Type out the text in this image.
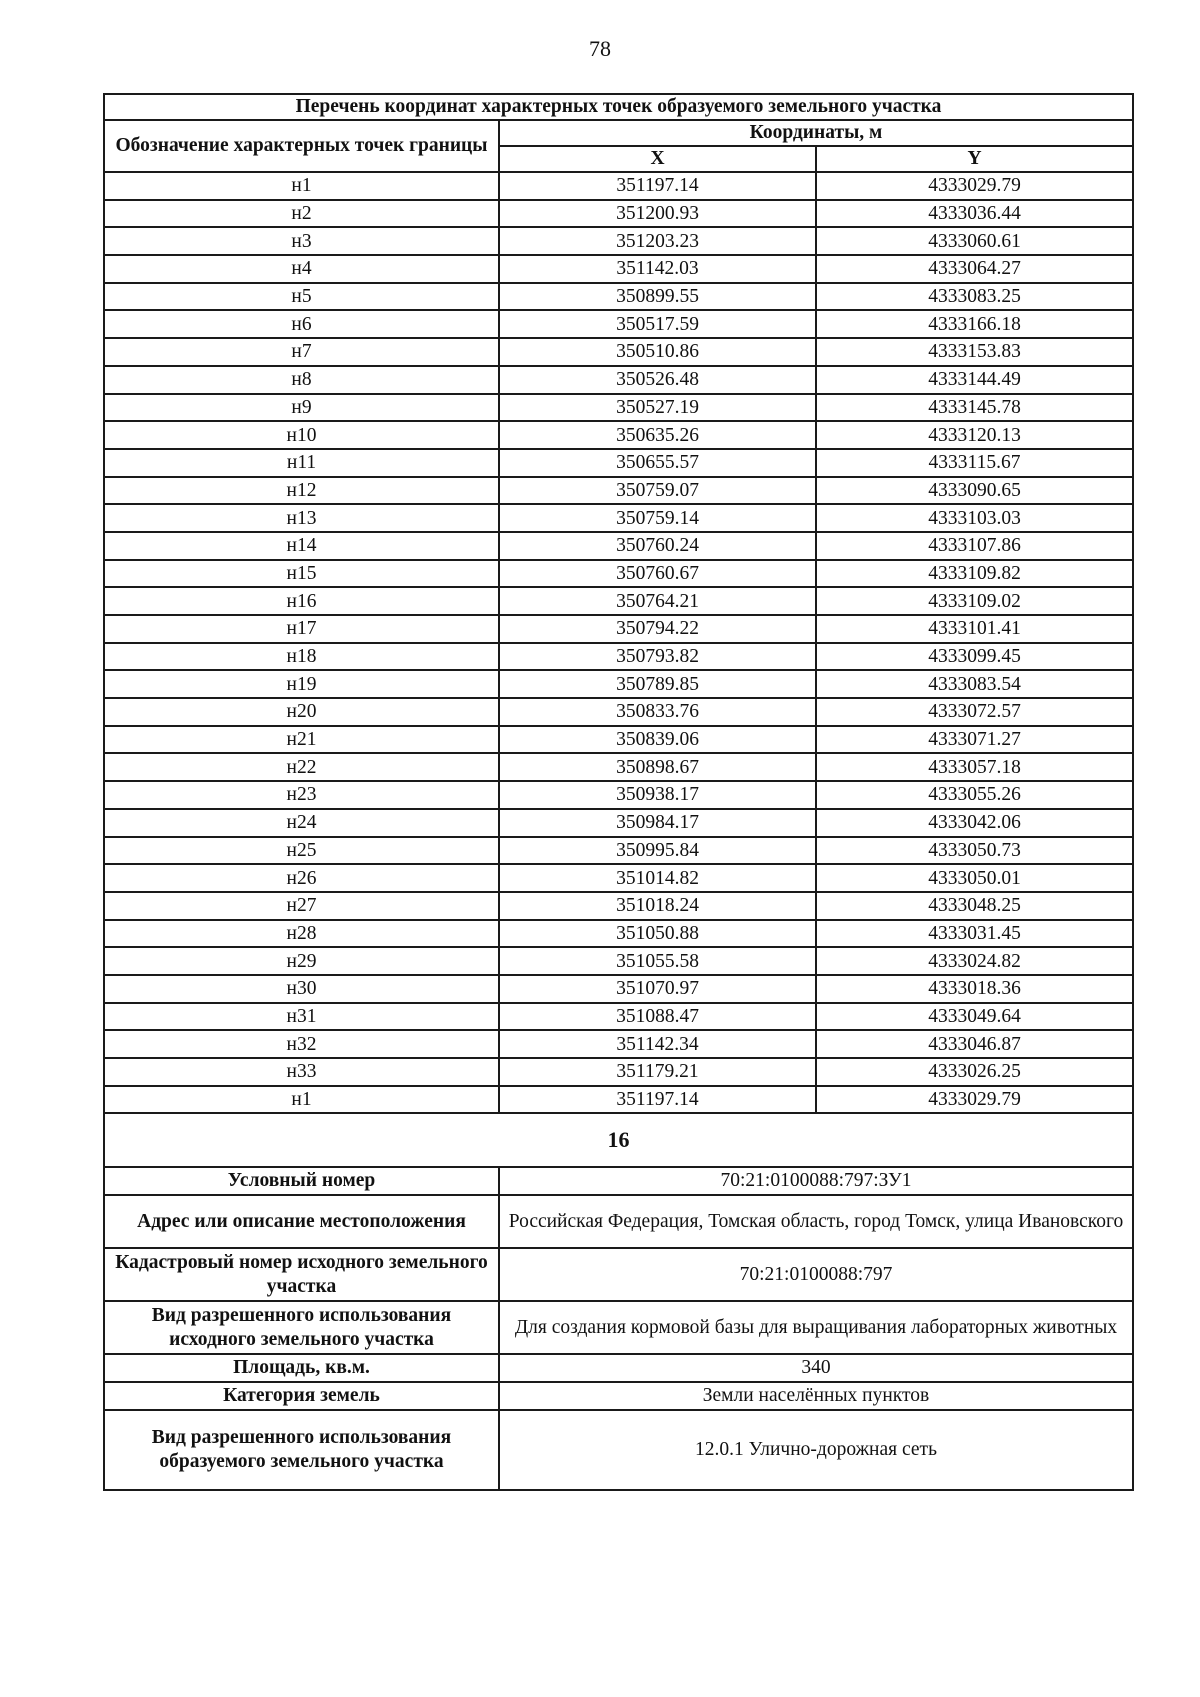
78
Перечень координат характерных точек образуемого земельного участка		
Обозначение характерных точек границы	Координаты, м	
	X	Y
н1	351197.14	4333029.79
н2	351200.93	4333036.44
н3	351203.23	4333060.61
н4	351142.03	4333064.27
н5	350899.55	4333083.25
н6	350517.59	4333166.18
н7	350510.86	4333153.83
н8	350526.48	4333144.49
н9	350527.19	4333145.78
н10	350635.26	4333120.13
н11	350655.57	4333115.67
н12	350759.07	4333090.65
н13	350759.14	4333103.03
н14	350760.24	4333107.86
н15	350760.67	4333109.82
н16	350764.21	4333109.02
н17	350794.22	4333101.41
н18	350793.82	4333099.45
н19	350789.85	4333083.54
н20	350833.76	4333072.57
н21	350839.06	4333071.27
н22	350898.67	4333057.18
н23	350938.17	4333055.26
н24	350984.17	4333042.06
н25	350995.84	4333050.73
н26	351014.82	4333050.01
н27	351018.24	4333048.25
н28	351050.88	4333031.45
н29	351055.58	4333024.82
н30	351070.97	4333018.36
н31	351088.47	4333049.64
н32	351142.34	4333046.87
н33	351179.21	4333026.25
н1	351197.14	4333029.79
16		
Условный номер	70:21:0100088:797:ЗУ1	
Адрес или описание местоположения	Российская Федерация, Томская область, город Томск, улица Ивановского	
Кадастровый номер исходного земельного участка	70:21:0100088:797	
Вид разрешенного использования исходного земельного участка	Для создания кормовой базы для выращивания лабораторных животных	
Площадь, кв.м.	340	
Категория земель	Земли населённых пунктов	
Вид разрешенного использования образуемого земельного участка	12.0.1 Улично-дорожная сеть	
